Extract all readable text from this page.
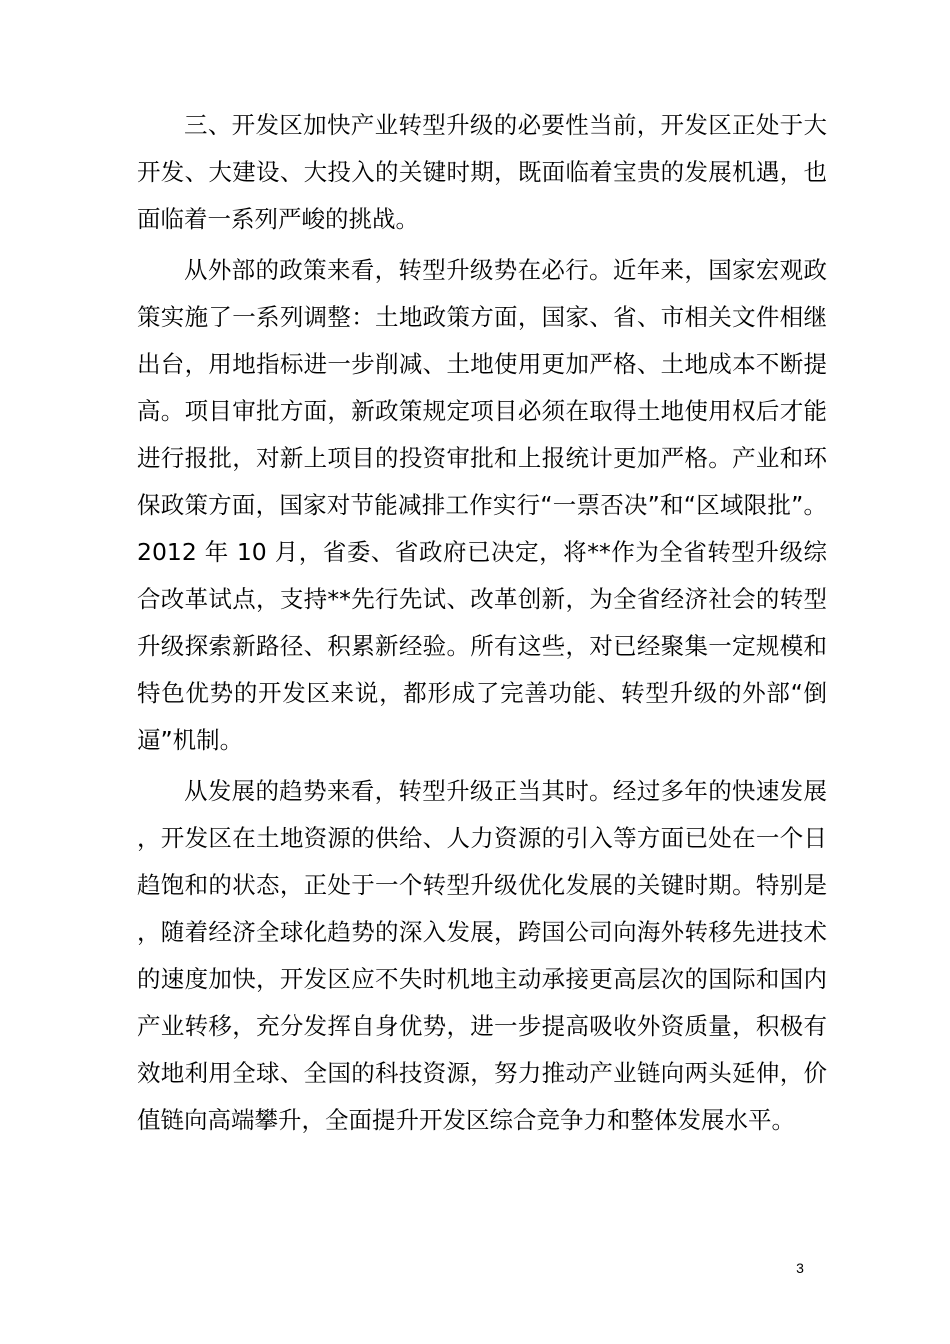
三、开发区加快产业转型升级的必要性当前，开发区正处于大开发、大建设、大投入的关键时期，既面临着宝贵的发展机遇，也面临着一系列严峻的挑战。

从外部的政策来看，转型升级势在必行。近年来，国家宏观政策实施了一系列调整：土地政策方面，国家、省、市相关文件相继出台，用地指标进一步削减、土地使用更加严格、土地成本不断提高。项目审批方面，新政策规定项目必须在取得土地使用权后才能进行报批，对新上项目的投资审批和上报统计更加严格。产业和环保政策方面，国家对节能减排工作实行“一票否决”和“区域限批”。2012 年 10 月，省委、省政府已决定，将**作为全省转型升级综合改革试点，支持**先行先试、改革创新，为全省经济社会的转型升级探索新路径、积累新经验。所有这些，对已经聚集一定规模和特色优势的开发区来说，都形成了完善功能、转型升级的外部“倒逼”机制。

从发展的趋势来看，转型升级正当其时。经过多年的快速发展，开发区在土地资源的供给、人力资源的引入等方面已处在一个日趋饱和的状态，正处于一个转型升级优化发展的关键时期。特别是，随着经济全球化趋势的深入发展，跨国公司向海外转移先进技术的速度加快，开发区应不失时机地主动承接更高层次的国际和国内产业转移，充分发挥自身优势，进一步提高吸收外资质量，积极有效地利用全球、全国的科技资源，努力推动产业链向两头延伸，价值链向高端攀升，全面提升开发区综合竞争力和整体发展水平。

3
